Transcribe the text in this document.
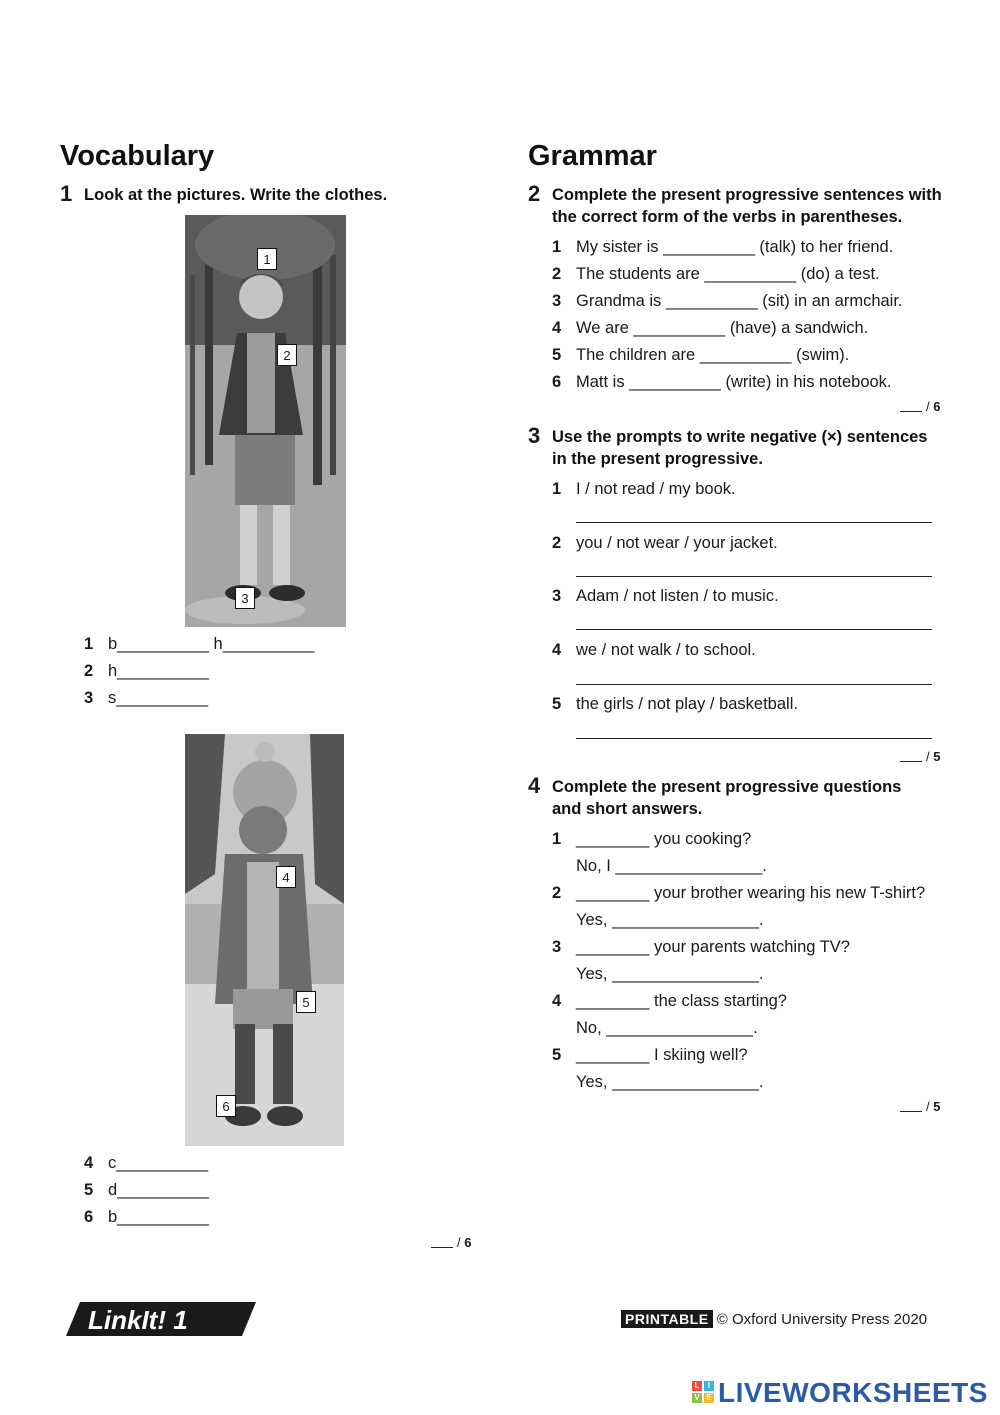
Vocabulary
1 Look at the pictures. Write the clothes.
1
2
3
1 b__________ h__________
2 h__________
3 s__________
4
5
6
4 c__________
5 d__________
6 b__________
/ 6
Grammar
2 Complete the present progressive sentences with
the correct form of the verbs in parentheses.
1 My sister is __________ (talk) to her friend.
2 The students are __________ (do) a test.
3 Grandma is __________ (sit) in an armchair.
4 We are __________ (have) a sandwich.
5 The children are __________ (swim).
6 Matt is __________ (write) in his notebook.
/ 6
3 Use the prompts to write negative (×) sentences
in the present progressive.
1 I / not read / my book.
2 you / not wear / your jacket.
3 Adam / not listen / to music.
4 we / not walk / to school.
5 the girls / not play / basketball.
/ 5
4 Complete the present progressive questions
and short answers.
1 ________ you cooking?
No, I ________________.
2 ________ your brother wearing his new T-shirt?
Yes, ________________.
3 ________ your parents watching TV?
Yes, ________________.
4 ________ the class starting?
No, ________________.
5 ________ I skiing well?
Yes, ________________.
/ 5
LinkIt! 1	PRINTABLE © Oxford University Press 2020
L	I
V E LIVEWORKSHEETS
